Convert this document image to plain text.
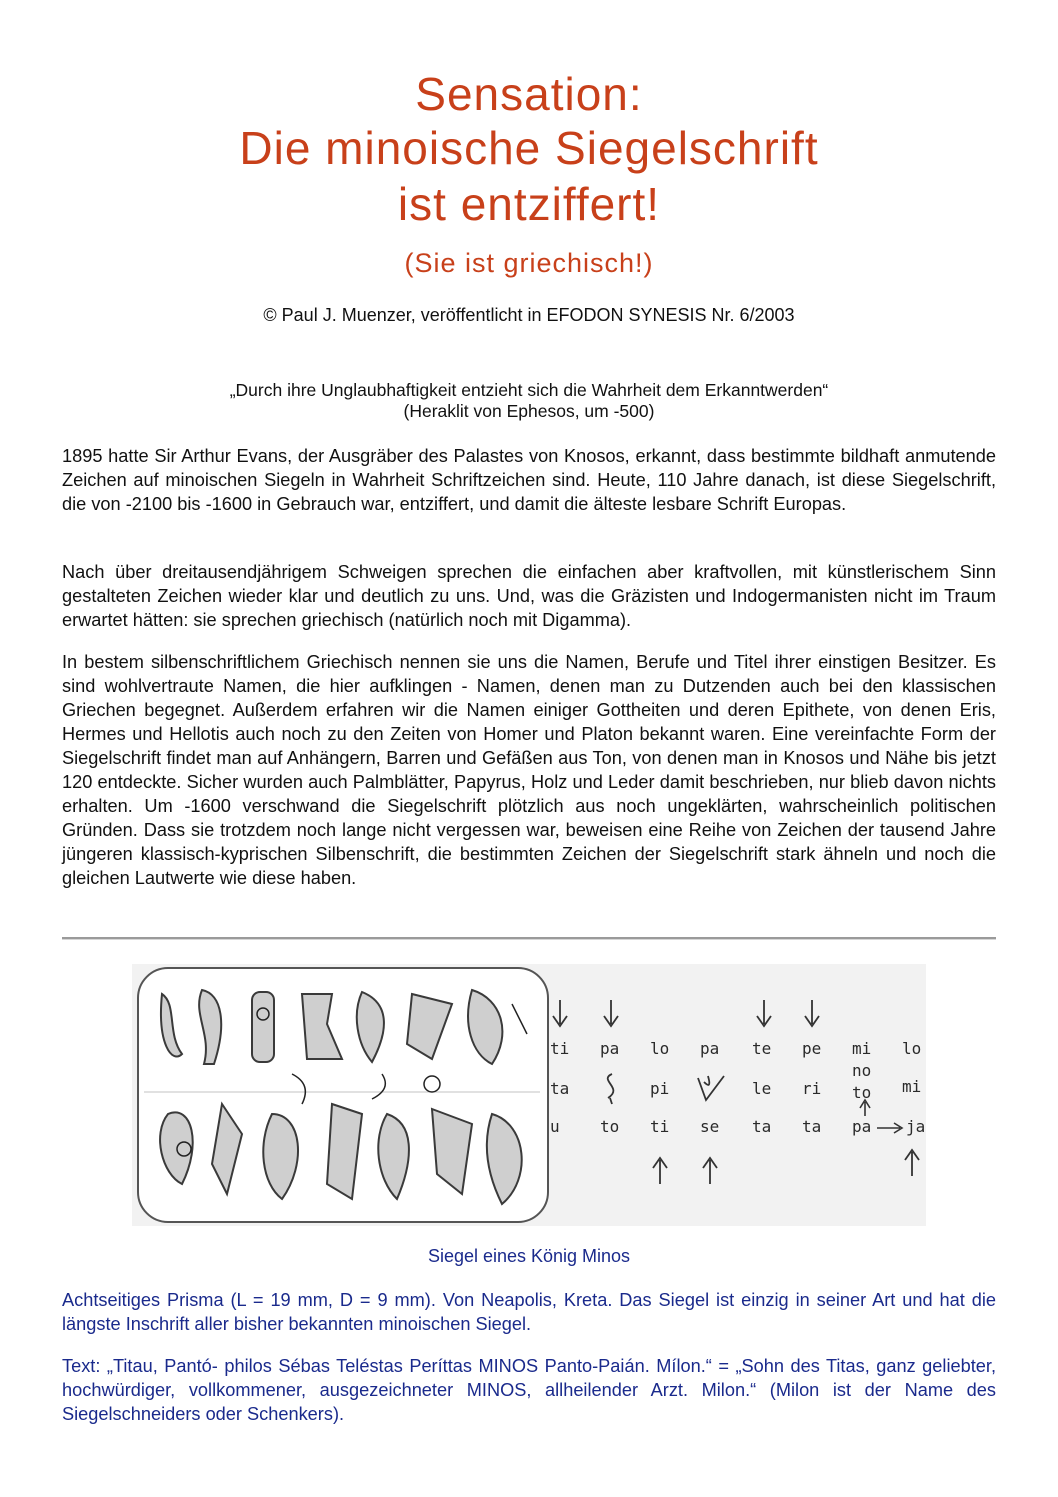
Sensation:
Die minoische Siegelschrift
ist entziffert!
(Sie ist griechisch!)
© Paul J. Muenzer, veröffentlicht in EFODON SYNESIS Nr. 6/2003
„Durch ihre Unglaubhaftigkeit entzieht sich die Wahrheit dem Erkanntwerden“
(Heraklit von Ephesos, um -500)

1895 hatte Sir Arthur Evans, der Ausgräber des Palastes von Knosos, erkannt, dass bestimmte bildhaft anmutende Zeichen auf minoischen Siegeln in Wahrheit Schriftzeichen sind. Heute, 110 Jahre danach, ist diese Siegelschrift, die von -2100 bis -1600 in Gebrauch war, entziffert, und damit die älteste lesbare Schrift Europas.

Nach über dreitausendjährigem Schweigen sprechen die einfachen aber kraftvollen, mit künstlerischem Sinn gestalteten Zeichen wieder klar und deutlich zu uns. Und, was die Gräzisten und Indogermanisten nicht im Traum erwartet hätten: sie sprechen griechisch (natürlich noch mit Digamma).

In bestem silbenschriftlichem Griechisch nennen sie uns die Namen, Berufe und Titel ihrer einstigen Besitzer. Es sind wohlvertraute Namen, die hier aufklingen - Namen, denen man zu Dutzenden auch bei den klassischen Griechen begegnet. Außerdem erfahren wir die Namen einiger Gottheiten und deren Epithete, von denen Eris, Hermes und Hellotis auch noch zu den Zeiten von Homer und Platon bekannt waren. Eine vereinfachte Form der Siegelschrift findet man auf Anhängern, Barren und Gefäßen aus Ton, von denen man in Knosos und Nähe bis jetzt 120 entdeckte. Sicher wurden auch Palmblätter, Papyrus, Holz und Leder damit beschrieben, nur blieb davon nichts erhalten. Um -1600 verschwand die Siegelschrift plötzlich aus noch ungeklärten, wahrscheinlich politischen Gründen. Dass sie trotzdem noch lange nicht vergessen war, beweisen eine Reihe von Zeichen der tausend Jahre jüngeren klassisch-kyprischen Silbenschrift, die bestimmten Zeichen der Siegelschrift stark ähneln und noch die gleichen Lautwerte wie diese haben.

ti
ta
u
pa
to
lo
pi
ti
pa
se
te
le
ta
pe
ri
ta
mi
no
to
pa
lo
mi
ja
Siegel eines König Minos

Achtseitiges Prisma (L = 19 mm, D = 9 mm). Von Neapolis, Kreta. Das Siegel ist einzig in seiner Art und hat die längste Inschrift aller bisher bekannten minoischen Siegel.

Text: „Titau, Pantó- philos Sébas Teléstas Períttas MINOS Panto-Paián. Mílon.“ = „Sohn des Titas, ganz geliebter, hochwürdiger, vollkommener, ausgezeichneter MINOS, allheilender Arzt. Milon.“ (Milon ist der Name des Siegelschneiders oder Schenkers).
